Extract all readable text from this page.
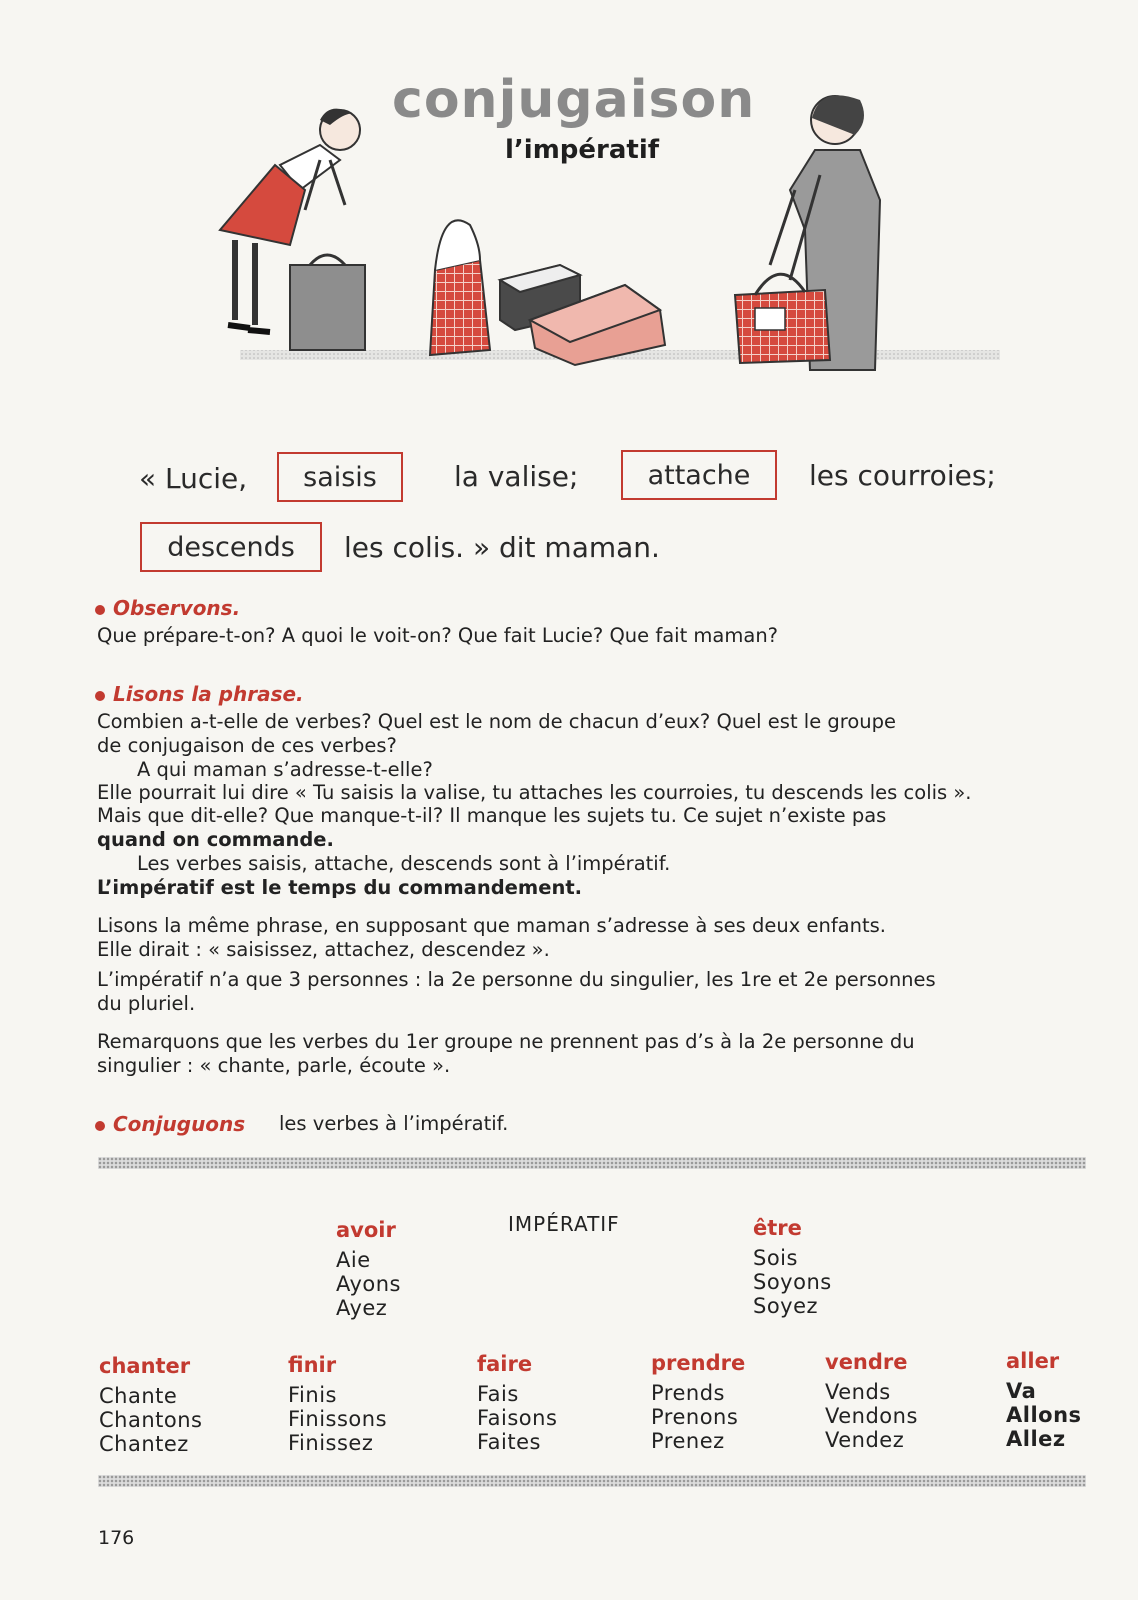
conjugaison
l’impératif
« Lucie, saisis	la valise;	attache les courroies;
descends les colis. » dit maman.
Observons.
Que prépare-t-on? A quoi le voit-on? Que fait Lucie? Que fait maman?
Lisons la phrase.
Combien a-t-elle de verbes? Quel est le nom de chacun d’eux? Quel est le groupe
de conjugaison de ces verbes?
A qui maman s’adresse-t-elle?
Elle pourrait lui dire « Tu saisis la valise, tu attaches les courroies, tu descends les colis ».
Mais que dit-elle? Que manque-t-il? Il manque les sujets tu. Ce sujet n’existe pas
quand on commande.
Les verbes saisis, attache, descends sont à l’impératif.
L’impératif est le temps du commandement.
Lisons la même phrase, en supposant que maman s’adresse à ses deux enfants.
Elle dirait : « saisissez, attachez, descendez ».
L’impératif n’a que 3 personnes : la 2e personne du singulier, les 1re et 2e personnes
du pluriel.
Remarquons que les verbes du 1er groupe ne prennent pas d’s à la 2e personne du
singulier : « chante, parle, écoute ».
Conjuguons les verbes à l’impératif.
IMPÉRATIF
avoir
Aie
Ayons
Ayez
être
Sois
Soyons
Soyez
chanter
Chante
Chantons
Chantez
finir
Finis
Finissons
Finissez
faire
Fais
Faisons
Faites
prendre
Prends
Prenons
Prenez
vendre
Vends
Vendons
Vendez
aller
Va
Allons
Allez
176
